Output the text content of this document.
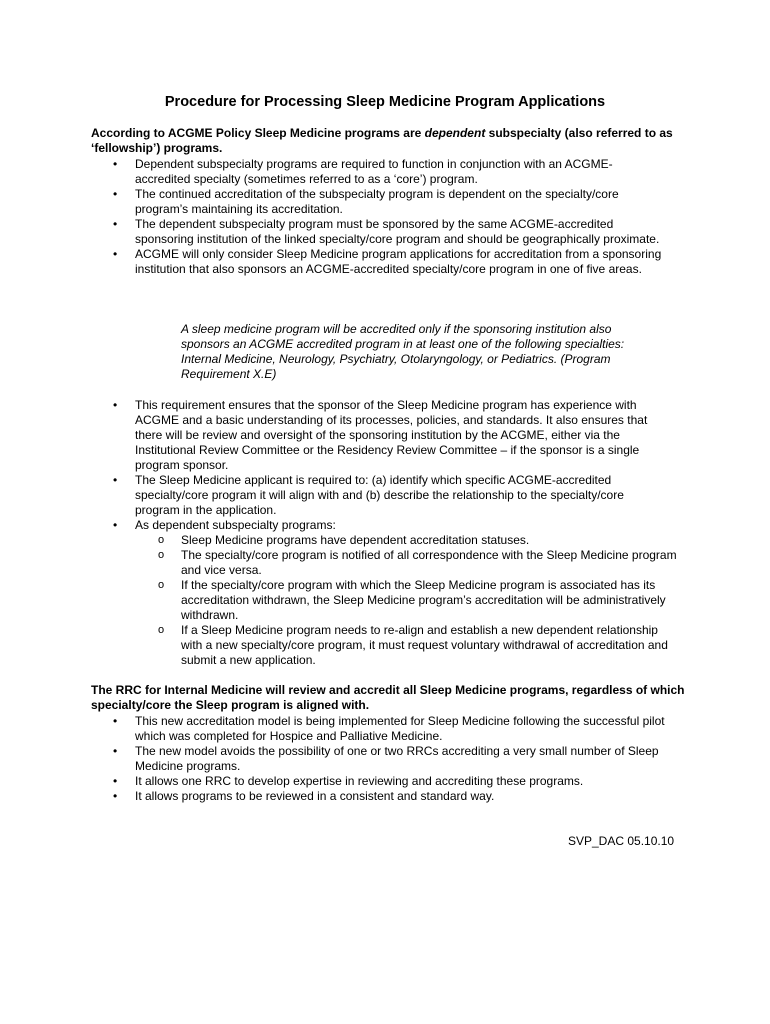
Procedure for Processing Sleep Medicine Program Applications
According to ACGME Policy Sleep Medicine programs are dependent subspecialty (also referred to as ‘fellowship’) programs.
• Dependent subspecialty programs are required to function in conjunction with an ACGME-accredited specialty (sometimes referred to as a ‘core’) program.
• The continued accreditation of the subspecialty program is dependent on the specialty/core program’s maintaining its accreditation.
• The dependent subspecialty program must be sponsored by the same ACGME-accredited sponsoring institution of the linked specialty/core program and should be geographically proximate.
• ACGME will only consider Sleep Medicine program applications for accreditation from a sponsoring institution that also sponsors an ACGME-accredited specialty/core program in one of five areas.
A sleep medicine program will be accredited only if the sponsoring institution also sponsors an ACGME accredited program in at least one of the following specialties: Internal Medicine, Neurology, Psychiatry, Otolaryngology, or Pediatrics. (Program Requirement X.E)
• This requirement ensures that the sponsor of the Sleep Medicine program has experience with ACGME and a basic understanding of its processes, policies, and standards. It also ensures that there will be review and oversight of the sponsoring institution by the ACGME, either via the Institutional Review Committee or the Residency Review Committee – if the sponsor is a single program sponsor.
• The Sleep Medicine applicant is required to: (a) identify which specific ACGME-accredited specialty/core program it will align with and (b) describe the relationship to the specialty/core program in the application.
• As dependent subspecialty programs:
o Sleep Medicine programs have dependent accreditation statuses.
o The specialty/core program is notified of all correspondence with the Sleep Medicine program and vice versa.
o If the specialty/core program with which the Sleep Medicine program is associated has its accreditation withdrawn, the Sleep Medicine program’s accreditation will be administratively withdrawn.
o If a Sleep Medicine program needs to re-align and establish a new dependent relationship with a new specialty/core program, it must request voluntary withdrawal of accreditation and submit a new application.
The RRC for Internal Medicine will review and accredit all Sleep Medicine programs, regardless of which specialty/core the Sleep program is aligned with.
• This new accreditation model is being implemented for Sleep Medicine following the successful pilot which was completed for Hospice and Palliative Medicine.
• The new model avoids the possibility of one or two RRCs accrediting a very small number of Sleep Medicine programs.
• It allows one RRC to develop expertise in reviewing and accrediting these programs.
• It allows programs to be reviewed in a consistent and standard way.
SVP_DAC 05.10.10
